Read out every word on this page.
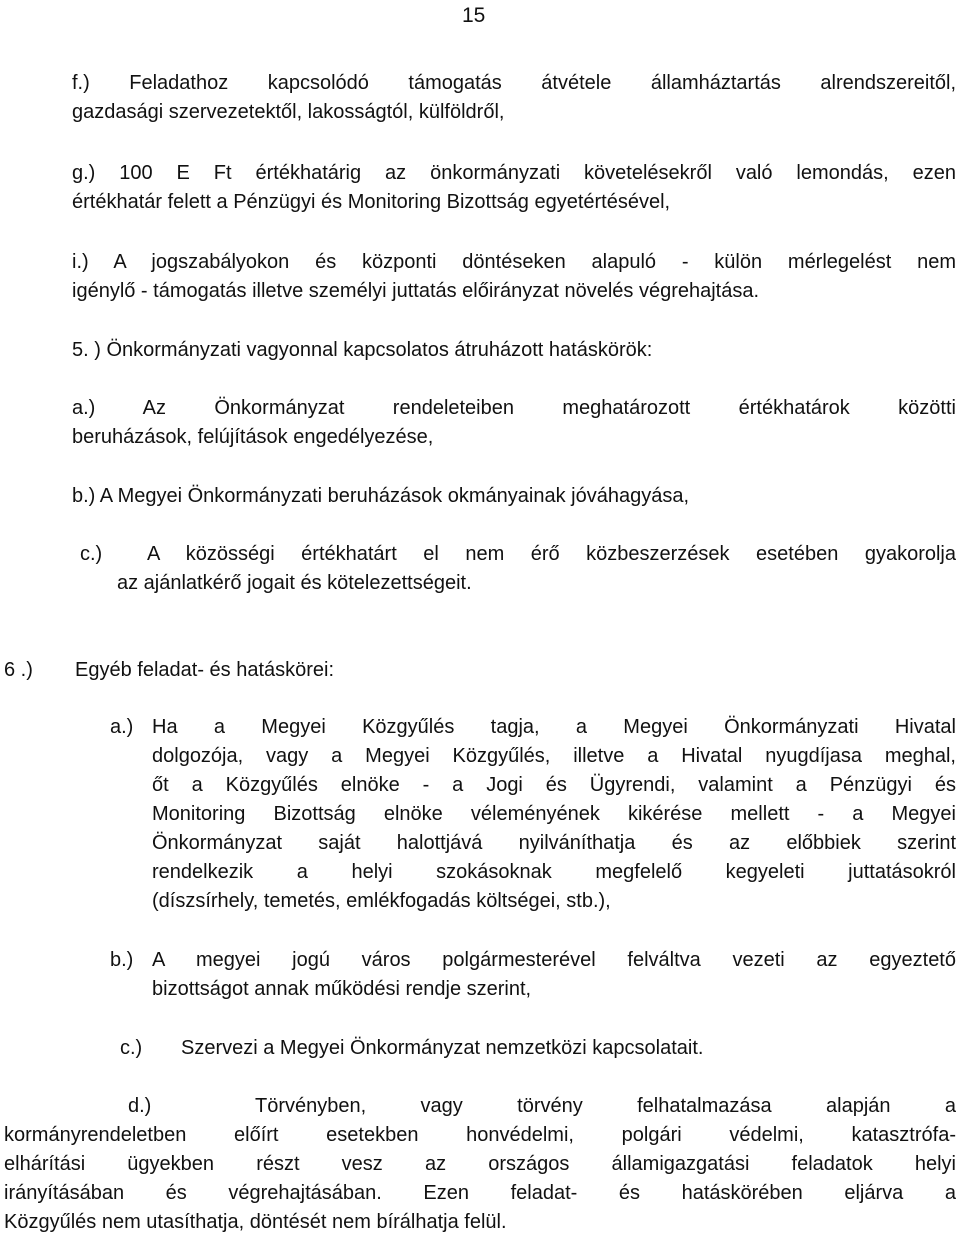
15
f.) Feladathoz kapcsolódó támogatás átvétele államháztartás alrendszereitől,
gazdasági szervezetektől, lakosságtól, külföldről,
g.) 100 E Ft értékhatárig az önkormányzati követelésekről való lemondás, ezen
értékhatár felett a Pénzügyi és Monitoring Bizottság egyetértésével,
i.) A jogszabályokon és központi döntéseken alapuló - külön mérlegelést nem
igénylő - támogatás illetve személyi juttatás előirányzat növelés végrehajtása.
5. ) Önkormányzati vagyonnal kapcsolatos átruházott hatáskörök:
a.) Az Önkormányzat rendeleteiben meghatározott értékhatárok közötti
beruházások, felújítások engedélyezése,
b.) A Megyei Önkormányzati beruházások okmányainak jóváhagyása,
c.)	A közösségi értékhatárt el nem érő közbeszerzések esetében gyakorolja
az ajánlatkérő jogait és kötelezettségeit.
6 .)	Egyéb feladat- és hatáskörei:
a.) Ha a Megyei Közgyűlés tagja, a Megyei Önkormányzati Hivatal
dolgozója, vagy a Megyei Közgyűlés, illetve a Hivatal nyugdíjasa meghal,
őt a Közgyűlés elnöke - a Jogi és Ügyrendi, valamint a Pénzügyi és
Monitoring Bizottság elnöke véleményének kikérése mellett - a Megyei
Önkormányzat saját halottjává nyilváníthatja és az előbbiek szerint
rendelkezik a helyi szokásoknak megfelelő kegyeleti juttatásokról
(díszsírhely, temetés, emlékfogadás költségei, stb.),
b.) A megyei jogú város polgármesterével felváltva vezeti az egyeztető
bizottságot annak működési rendje szerint,
c.)	Szervezi a Megyei Önkormányzat nemzetközi kapcsolatait.
d.)	Törvényben, vagy törvény felhatalmazása alapján a
kormányrendeletben előírt esetekben honvédelmi, polgári védelmi, katasztrófa-
elhárítási ügyekben részt vesz az országos államigazgatási feladatok helyi
irányításában és végrehajtásában. Ezen feladat- és hatáskörében eljárva a
Közgyűlés nem utasíthatja, döntését nem bírálhatja felül.
